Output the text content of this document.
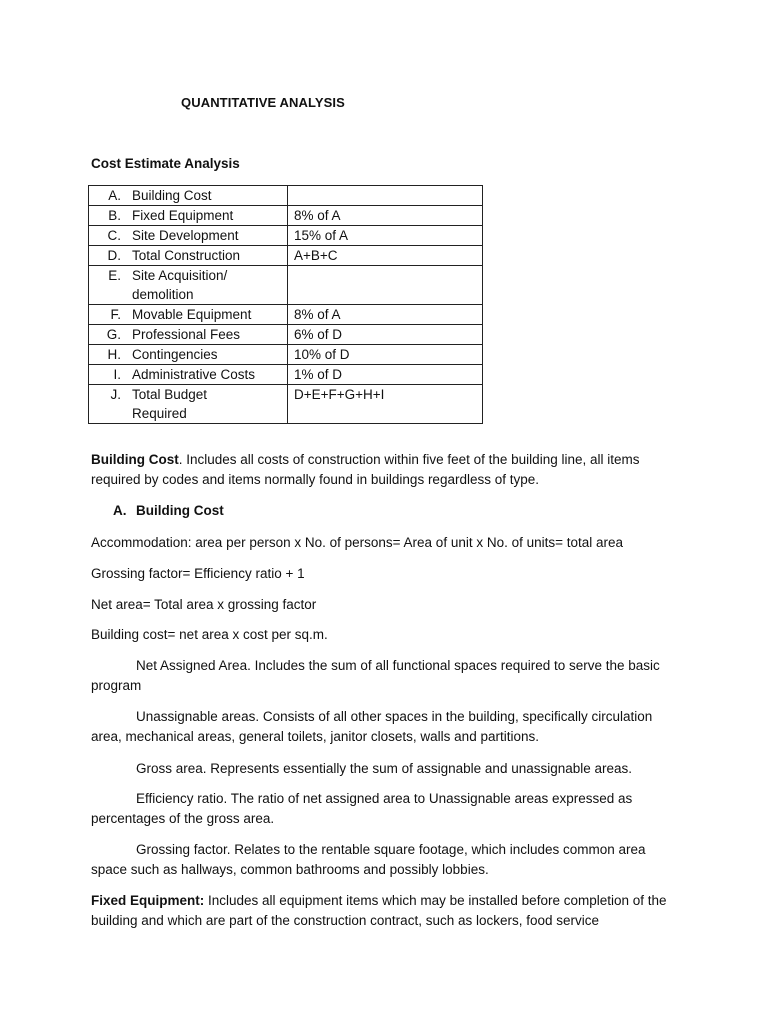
QUANTITATIVE ANALYSIS
Cost Estimate Analysis
A. Building Cost	

B. Fixed Equipment	8% of A

C. Site Development	15% of A

D. Total Construction	A+B+C

E. Site Acquisition/ demolition	

F. Movable Equipment	8% of A

G. Professional Fees	6% of D

H. Contingencies	10% of D

I. Administrative Costs	1% of D

J. Total Budget Required	D+E+F+G+H+I
Building Cost. Includes all costs of construction within five feet of the building line, all items required by codes and items normally found in buildings regardless of type.
A. Building Cost
Accommodation: area per person x No. of persons= Area of unit x No. of units= total area
Grossing factor= Efficiency ratio + 1
Net area= Total area x grossing factor
Building cost= net area x cost per sq.m.
Net Assigned Area. Includes the sum of all functional spaces required to serve the basic program
Unassignable areas. Consists of all other spaces in the building, specifically circulation area, mechanical areas, general toilets, janitor closets, walls and partitions.
Gross area. Represents essentially the sum of assignable and unassignable areas.
Efficiency ratio. The ratio of net assigned area to Unassignable areas expressed as percentages of the gross area.
Grossing factor. Relates to the rentable square footage, which includes common area space such as hallways, common bathrooms and possibly lobbies.
Fixed Equipment: Includes all equipment items which may be installed before completion of the building and which are part of the construction contract, such as lockers, food service
